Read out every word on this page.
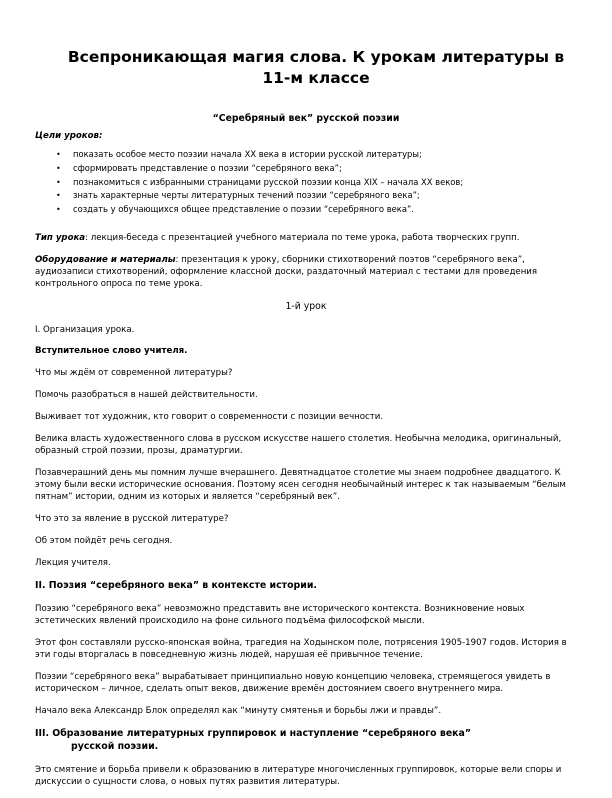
Всепроникающая магия слова. К урокам литературы в 11-м классе
“Серебряный век” русской поэзии
Цели уроков:
• показать особое место поэзии начала ХХ века в истории русской литературы;
• сформировать представление о поэзии “серебряного века”;
• познакомиться с избранными страницами русской поэзии конца XIX – начала ХХ веков;
• знать характерные черты литературных течений поэзии “серебряного века”;
• создать у обучающихся общее представление о поэзии “серебряного века”.

Тип урока: лекция-беседа с презентацией учебного материала по теме урока, работа творческих групп.

Оборудование и материалы: презентация к уроку, сборники стихотворений поэтов “серебряного века”, аудиозаписи стихотворений, оформление классной доски, раздаточный материал с тестами для проведения контрольного опроса по теме урока.

1-й урок

I. Организация урока.

Вступительное слово учителя.

Что мы ждём от современной литературы?

Помочь разобраться в нашей действительности.

Выживает тот художник, кто говорит о современности с позиции вечности.

Велика власть художественного слова в русском искусстве нашего столетия. Необычна мелодика, оригинальный, образный строй поэзии, прозы, драматургии.

Позавчерашний день мы помним лучше вчерашнего. Девятнадцатое столетие мы знаем подробнее двадцатого. К этому были вески исторические основания. Поэтому ясен сегодня необычайный интерес к так называемым “белым пятнам” истории, одним из которых и является “серебряный век”.

Что это за явление в русской литературе?

Об этом пойдёт речь сегодня.

Лекция учителя.

II. Поэзия “серебряного века” в контексте истории.

Поэзию “серебряного века” невозможно представить вне исторического контекста. Возникновение новых эстетических явлений происходило на фоне сильного подъёма философской мысли.

Этот фон составляли русско-японская война, трагедия на Ходынском поле, потрясения 1905-1907 годов. История в эти годы вторгалась в повседневную жизнь людей, нарушая её привычное течение.

Поэзии “серебряного века” вырабатывает принципиально новую концепцию человека, стремящегося увидеть в историческом – личное, сделать опыт веков, движение времён достоянием своего внутреннего мира.

Начало века Александр Блок определял как “минуту смятенья и борьбы лжи и правды”.

III. Образование литературных группировок и наступление “серебряного века”
русской поэзии.

Это смятение и борьба привели к образованию в литературе многочисленных группировок, которые вели споры и дискуссии о сущности слова, о новых путях развития литературы.
